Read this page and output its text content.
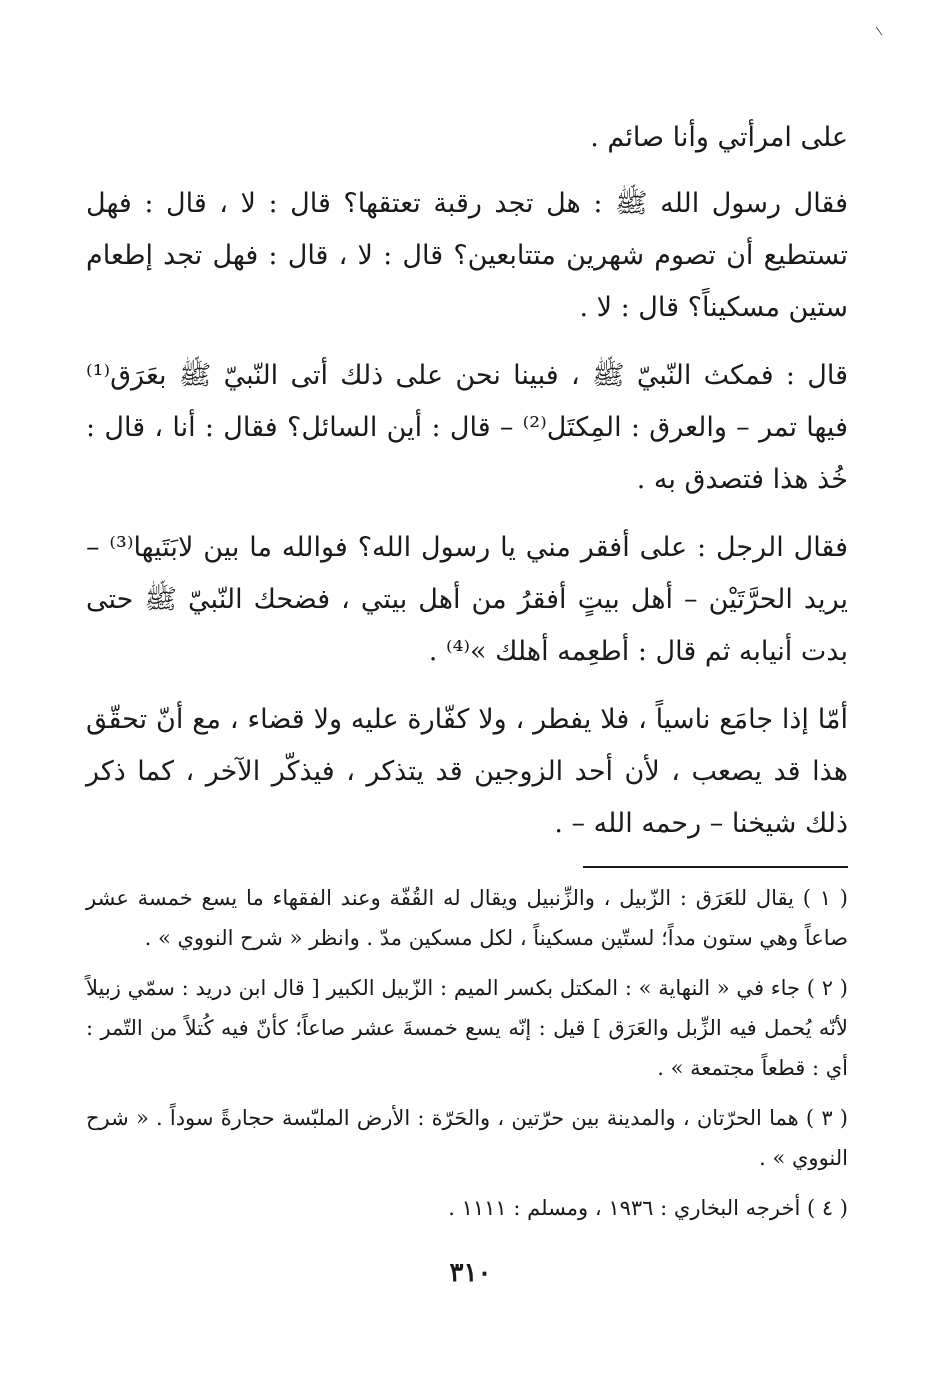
على امرأتي وأنا صائم .

فقال رسول الله ﷺ : هل تجد رقبة تعتقها؟ قال : لا ، قال : فهل تستطيع أن تصوم شهرين متتابعين؟ قال : لا ، قال : فهل تجد إطعام ستين مسكيناً؟ قال : لا .

قال : فمكث النّبيّ ﷺ ، فبينا نحن على ذلك أتى النّبيّ ﷺ بعَرَق⁽¹⁾ فيها تمر – والعرق : المِكتَل⁽²⁾ – قال : أين السائل؟ فقال : أنا ، قال : خُذ هذا فتصدق به .

فقال الرجل : على أفقر مني يا رسول الله؟ فوالله ما بين لابَتَيها⁽³⁾ – يريد الحرَّتَيْن – أهل بيتٍ أفقرُ من أهل بيتي ، فضحك النّبيّ ﷺ حتى بدت أنيابه ثم قال : أطعِمه أهلك »⁽⁴⁾ .

أمّا إذا جامَع ناسياً ، فلا يفطر ، ولا كفّارة عليه ولا قضاء ، مع أنّ تحقّق هذا قد يصعب ، لأن أحد الزوجين قد يتذكر ، فيذكّر الآخر ، كما ذكر ذلك شيخنا – رحمه الله – .

( ١ ) يقال للعَرَق : الزّبيل ، والزِّنبيل ويقال له القُفّة وعند الفقهاء ما يسع خمسة عشر صاعاً وهي ستون مداً؛ لستّين مسكيناً ، لكل مسكين مدّ . وانظر « شرح النووي » .

( ٢ ) جاء في « النهاية » : المكتل بكسر الميم : الزّبيل الكبير [ قال ابن دريد : سمّي زبيلاً لأنّه يُحمل فيه الزِّبل والعَرَق ] قيل : إنّه يسع خمسةَ عشر صاعاً؛ كأنّ فيه كُتلاً من التّمر : أي : قطعاً مجتمعة » .

( ٣ ) هما الحرّتان ، والمدينة بين حرّتين ، والحَرّة : الأرض الملبّسة حجارةً سوداً . « شرح النووي » .

( ٤ ) أخرجه البخاري : ١٩٣٦ ، ومسلم : ١١١١ .

٣١٠
